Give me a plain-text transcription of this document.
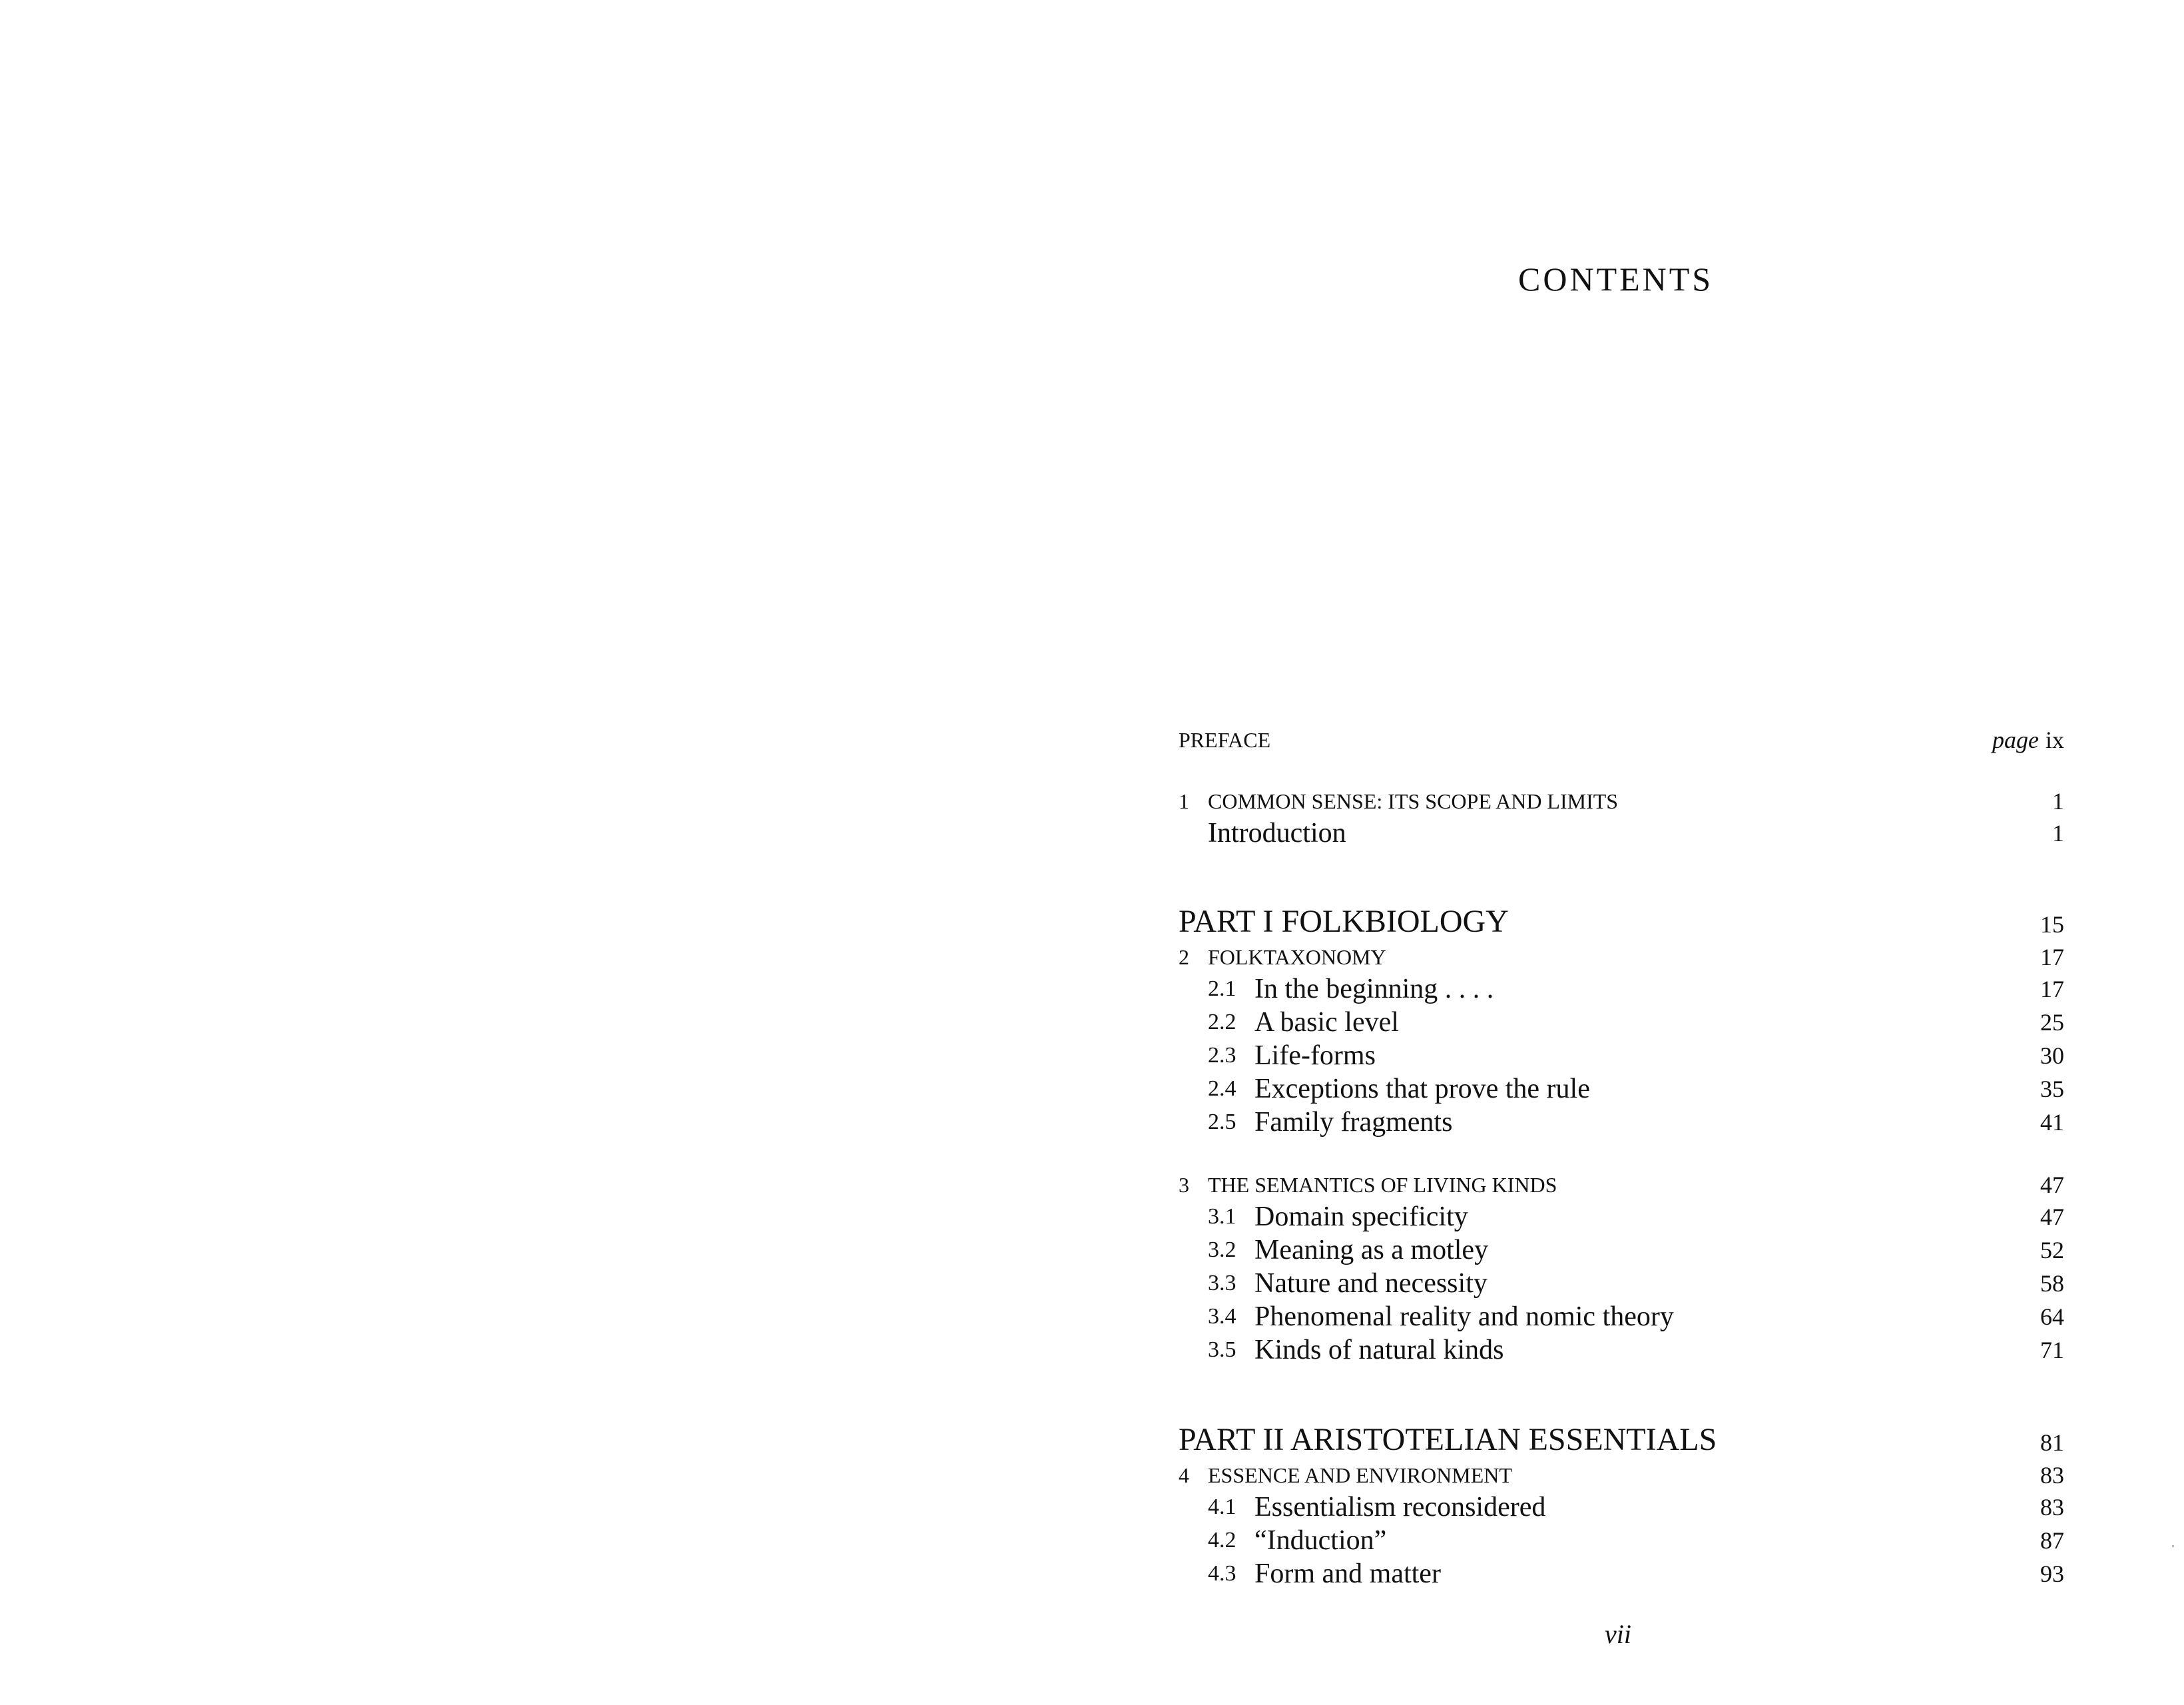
CONTENTS
PREFACE	page ix
1 COMMON SENSE: ITS SCOPE AND LIMITS	1
Introduction	1
PART I FOLKBIOLOGY	15
2 FOLKTAXONOMY	17
2.1 In the beginning . . . .	17
2.2 A basic level	25
2.3 Life-forms	30
2.4 Exceptions that prove the rule	35
2.5 Family fragments	41
3 THE SEMANTICS OF LIVING KINDS	47
3.1 Domain specificity	47
3.2 Meaning as a motley	52
3.3 Nature and necessity	58
3.4 Phenomenal reality and nomic theory	64
3.5 Kinds of natural kinds	71
PART II ARISTOTELIAN ESSENTIALS	81
4 ESSENCE AND ENVIRONMENT	83
4.1 Essentialism reconsidered	83
4.2 “Induction”	87
4.3 Form and matter	93

vii
